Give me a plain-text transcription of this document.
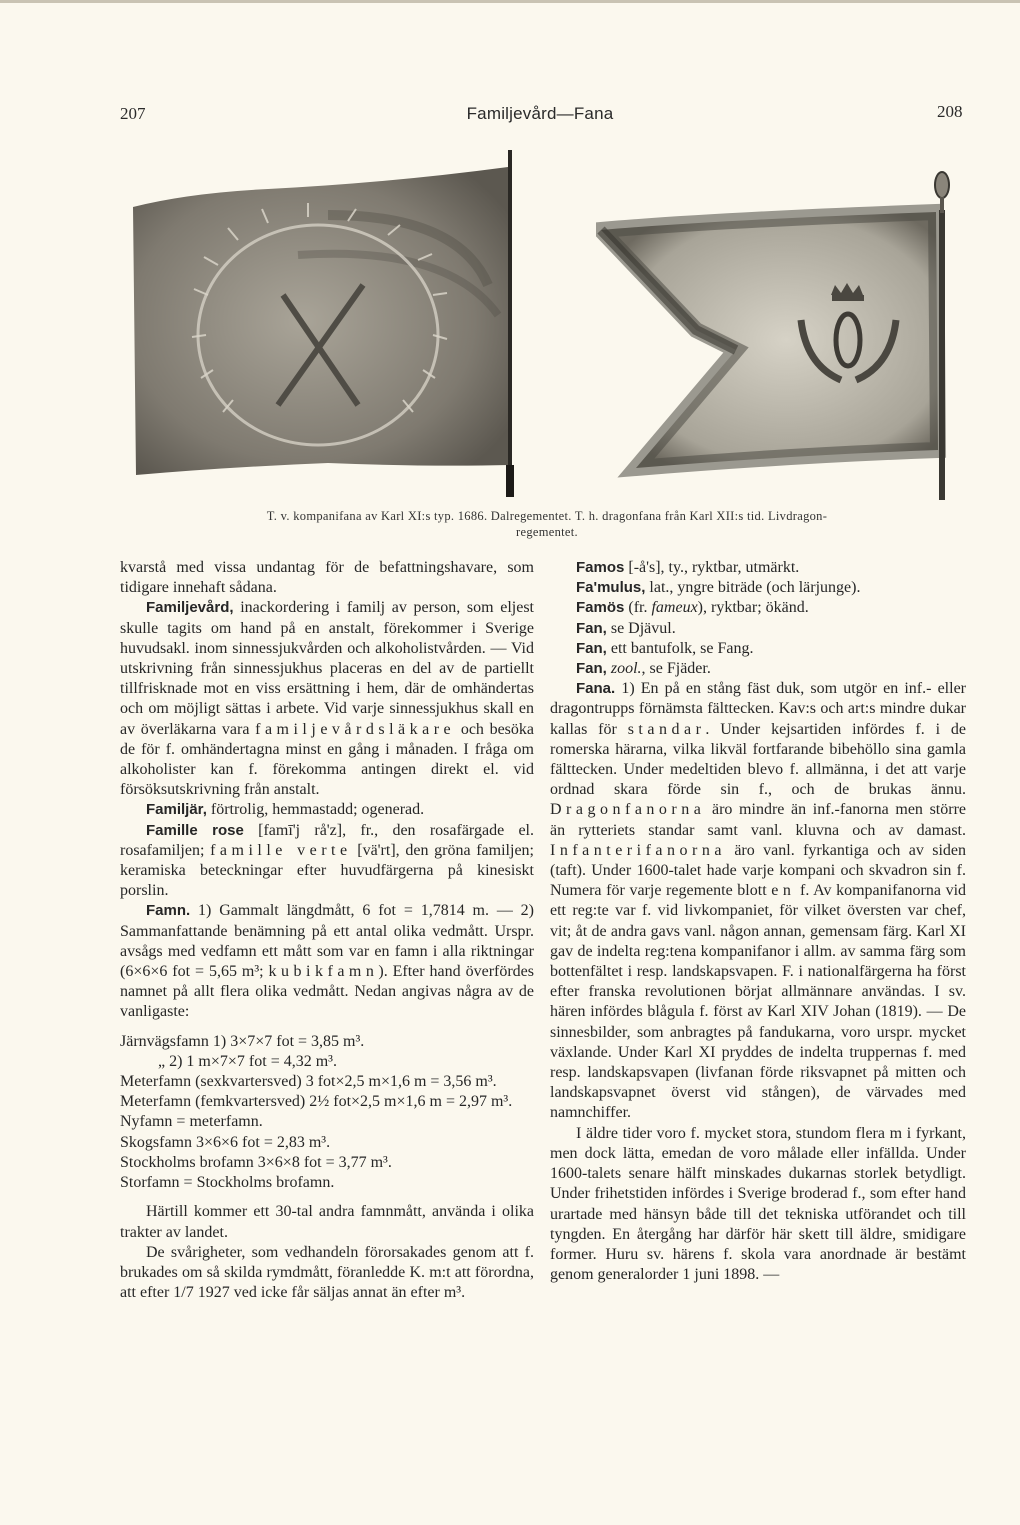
207	Familjevård—Fana	208
T. v. kompanifana av Karl XI:s typ. 1686. Dalregementet. T. h. dragonfana från Karl XII:s tid. Livdragon-
regementet.

kvarstå med vissa undantag för de befattningshavare, som tidigare innehaft sådana.

Familjevård, inackordering i familj av person, som eljest skulle tagits om hand på en anstalt, förekommer i Sverige huvudsakl. inom sinnessjukvården och alkoholistvården. — Vid utskrivning från sinnessjukhus placeras en del av de partiellt tillfrisknade mot en viss ersättning i hem, där de omhändertas och om möjligt sättas i arbete. Vid varje sinnessjukhus skall en av överläkarna vara familjevårdsläkare och besöka de för f. omhändertagna minst en gång i månaden. I fråga om alkoholister kan f. förekomma antingen direkt el. vid försöksutskrivning från anstalt.

Familjär, förtrolig, hemmastadd; ogenerad.

Famille rose [famī'j rå'z], fr., den rosafärgade el. rosafamiljen; famille verte [vä'rt], den gröna familjen; keramiska beteckningar efter huvudfärgerna på kinesiskt porslin.

Famn. 1) Gammalt längdmått, 6 fot = 1,7814 m. — 2) Sammanfattande benämning på ett antal olika vedmått. Urspr. avsågs med vedfamn ett mått som var en famn i alla riktningar (6×6×6 fot = 5,65 m³; kubikfamn). Efter hand överfördes namnet på allt flera olika vedmått. Nedan angivas några av de vanligaste:

Järnvägsfamn 1) 3×7×7 fot = 3,85 m³.

„ 2) 1 m×7×7 fot = 4,32 m³.

Meterfamn (sexkvartersved) 3 fot×2,5 m×1,6 m = 3,56 m³.

Meterfamn (femkvartersved) 2½ fot×2,5 m×1,6 m = 2,97 m³.

Nyfamn = meterfamn.

Skogsfamn 3×6×6 fot = 2,83 m³.

Stockholms brofamn 3×6×8 fot = 3,77 m³.

Storfamn = Stockholms brofamn.

Härtill kommer ett 30-tal andra famnmått, använda i olika trakter av landet.

De svårigheter, som vedhandeln förorsakades genom att f. brukades om så skilda rymdmått, föranledde K. m:t att förordna, att efter 1/7 1927 ved icke får säljas annat än efter m³.

Famos [-å's], ty., ryktbar, utmärkt.

Fa'mulus, lat., yngre biträde (och lärjunge).

Famös (fr. fameux), ryktbar; ökänd.

Fan, se Djävul.

Fan, ett bantufolk, se Fang.

Fan, zool., se Fjäder.

Fana. 1) En på en stång fäst duk, som utgör en inf.- eller dragontrupps förnämsta fälttecken. Kav:s och art:s mindre dukar kallas för standar. Under kejsartiden infördes f. i de romerska härarna, vilka likväl fortfarande bibehöllo sina gamla fälttecken. Under medeltiden blevo f. allmänna, i det att varje ordnad skara förde sin f., och de brukas ännu. Dragonfanorna äro mindre än inf.-fanorna men större än rytteriets standar samt vanl. kluvna och av damast. Infanterifanorna äro vanl. fyrkantiga och av siden (taft). Under 1600-talet hade varje kompani och skvadron sin f. Numera för varje regemente blott en f. Av kompanifanorna vid ett reg:te var f. vid livkompaniet, för vilket översten var chef, vit; åt de andra gavs vanl. någon annan, gemensam färg. Karl XI gav de indelta reg:tena kompanifanor i allm. av samma färg som bottenfältet i resp. landskapsvapen. F. i nationalfärgerna ha först efter franska revolutionen börjat allmännare användas. I sv. hären infördes blågula f. först av Karl XIV Johan (1819). — De sinnesbilder, som anbragtes på fandukarna, voro urspr. mycket växlande. Under Karl XI pryddes de indelta truppernas f. med resp. landskapsvapen (livfanan förde riksvapnet på mitten och landskapsvapnet överst vid stången), de värvades med namnchiffer.

I äldre tider voro f. mycket stora, stundom flera m i fyrkant, men dock lätta, emedan de voro målade eller infällda. Under 1600-talets senare hälft minskades dukarnas storlek betydligt. Under frihetstiden infördes i Sverige broderad f., som efter hand urartade med hänsyn både till det tekniska utförandet och till tyngden. En återgång har därför här skett till äldre, smidigare former. Huru sv. härens f. skola vara anordnade är bestämt genom generalorder 1 juni 1898. —
